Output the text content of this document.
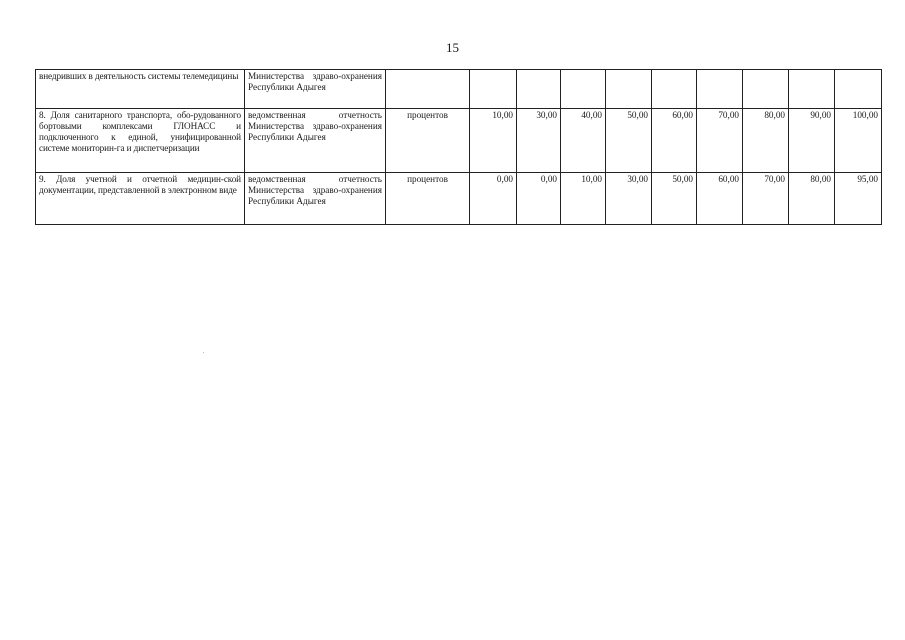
15
внедривших в деятельность системы телемедицины	Министерства здраво-охранения Республики Адыгея										
8. Доля санитарного транспорта, обо-рудованного бортовыми комплексами ГЛОНАСС и подключенного к единой, унифицированной системе мониторин-га и диспетчеризации	ведомственная отчетность Министерства здраво-охранения Республики Адыгея	процентов	10,00	30,00	40,00	50,00	60,00	70,00	80,00	90,00	100,00
9. Доля учетной и отчетной медицин-ской документации, представленной в электронном виде	ведомственная отчетность Министерства здраво-охранения Республики Адыгея	процентов	0,00	0,00	10,00	30,00	50,00	60,00	70,00	80,00	95,00
